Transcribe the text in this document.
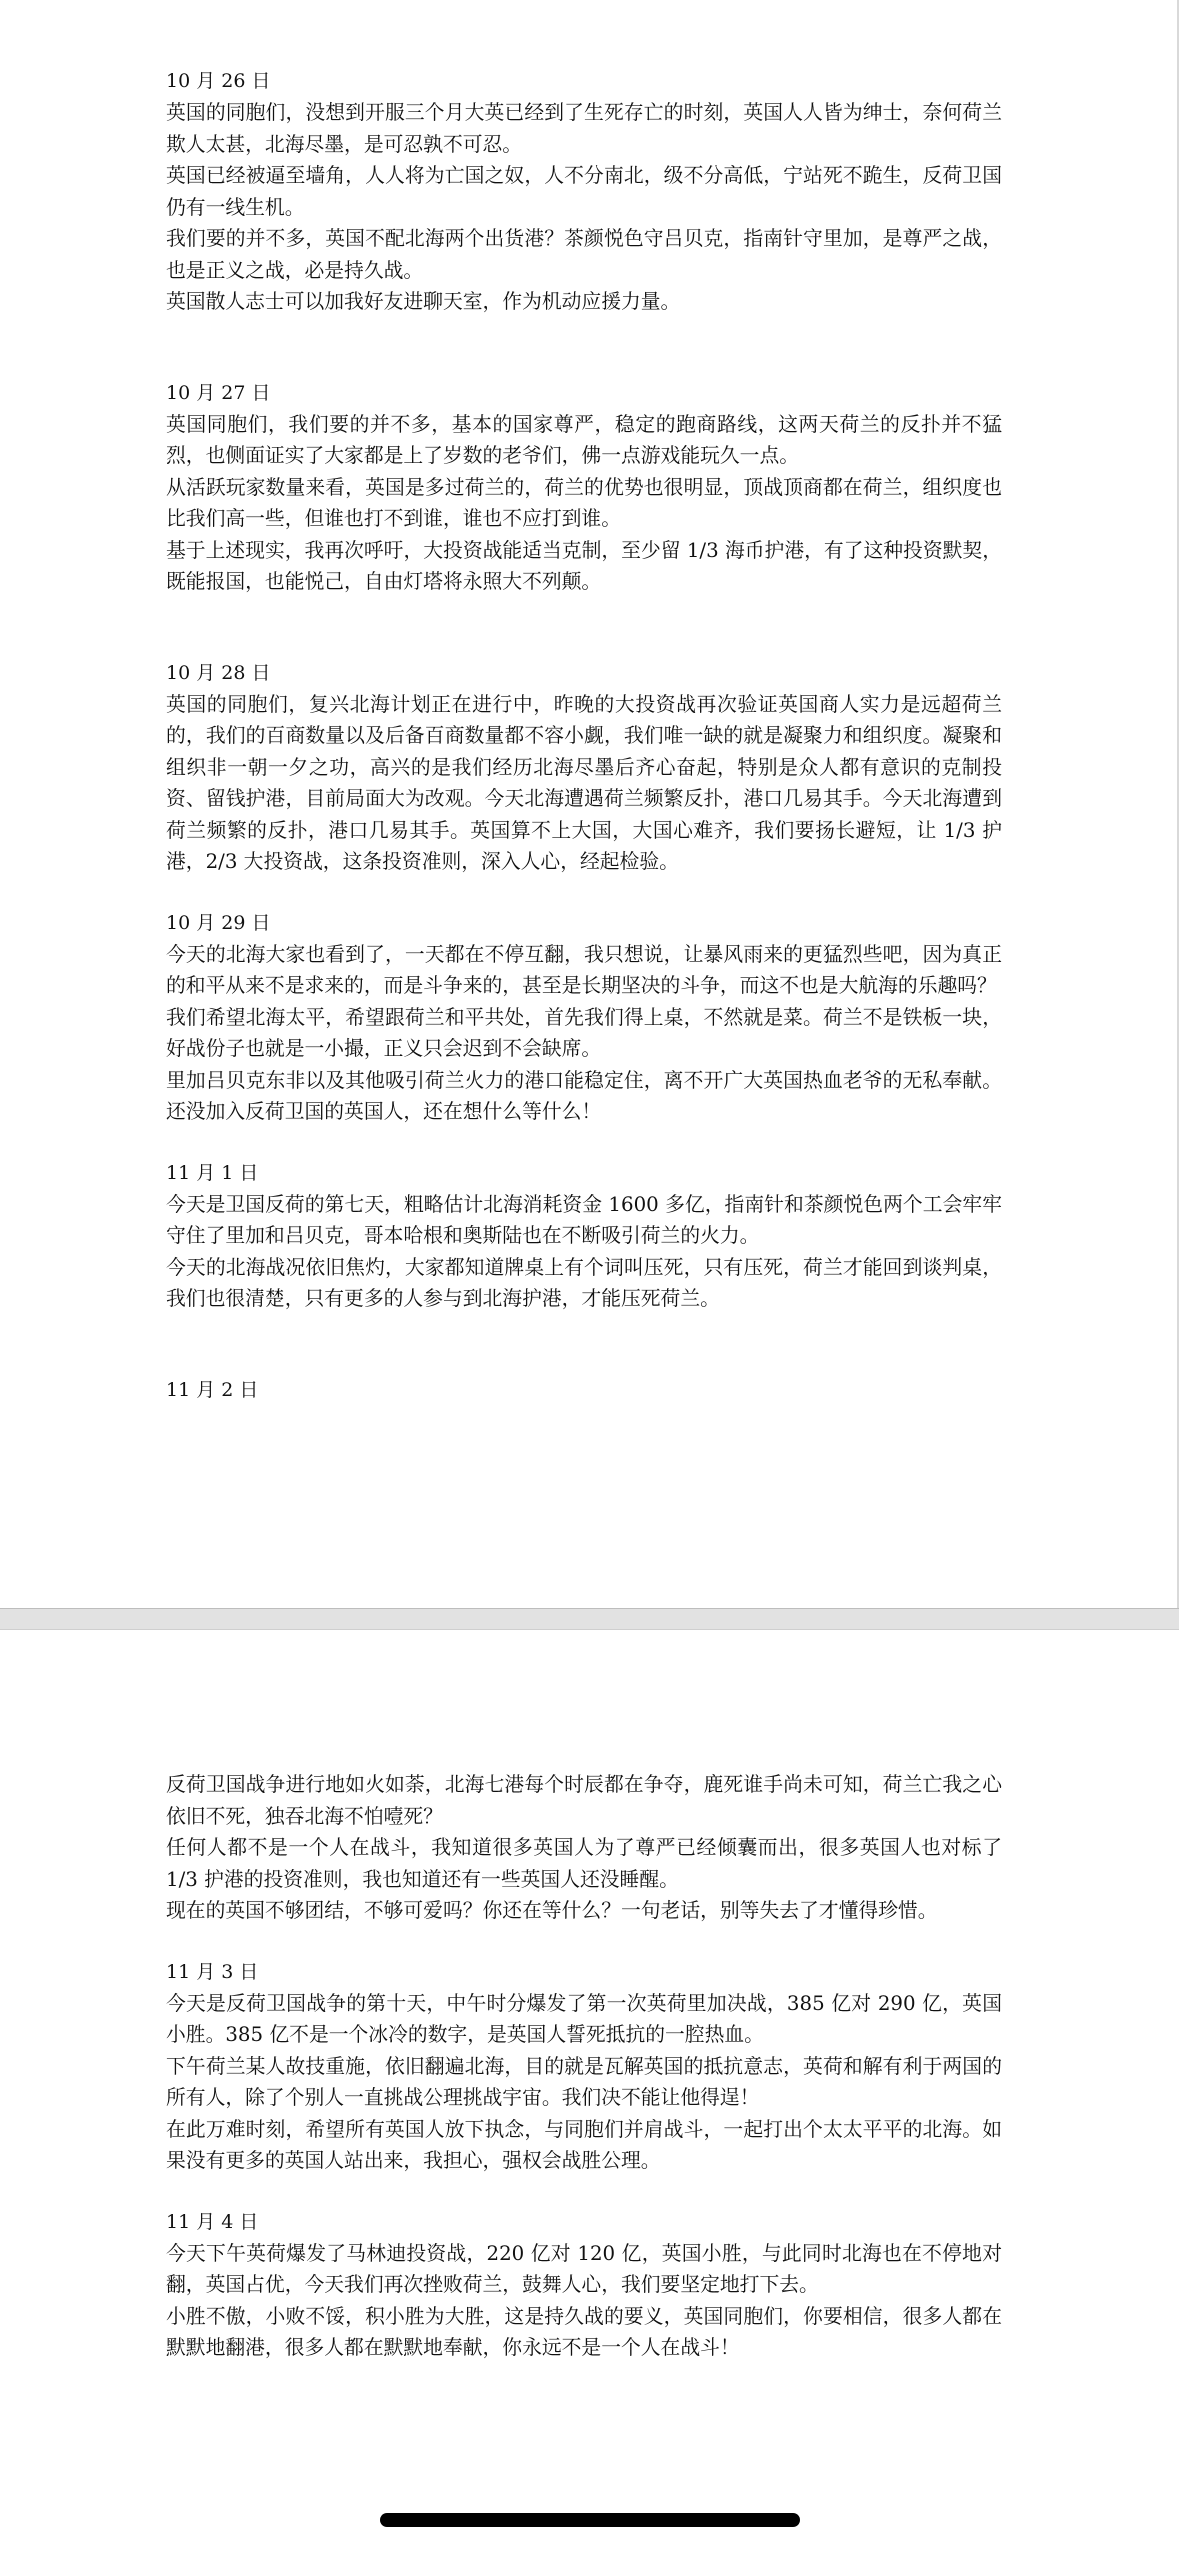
10 月 26 日

英国的同胞们，没想到开服三个月大英已经到了生死存亡的时刻，英国人人皆为绅士，奈何荷兰欺人太甚，北海尽墨，是可忍孰不可忍。

英国已经被逼至墙角，人人将为亡国之奴，人不分南北，级不分高低，宁站死不跪生，反荷卫国仍有一线生机。

我们要的并不多，英国不配北海两个出货港？茶颜悦色守吕贝克，指南针守里加，是尊严之战，也是正义之战，必是持久战。

英国散人志士可以加我好友进聊天室，作为机动应援力量。

10 月 27 日

英国同胞们，我们要的并不多，基本的国家尊严，稳定的跑商路线，这两天荷兰的反扑并不猛烈，也侧面证实了大家都是上了岁数的老爷们，佛一点游戏能玩久一点。

从活跃玩家数量来看，英国是多过荷兰的，荷兰的优势也很明显，顶战顶商都在荷兰，组织度也比我们高一些，但谁也打不到谁，谁也不应打到谁。

基于上述现实，我再次呼吁，大投资战能适当克制，至少留 1/3 海币护港，有了这种投资默契，既能报国，也能悦己，自由灯塔将永照大不列颠。

10 月 28 日

英国的同胞们，复兴北海计划正在进行中，昨晚的大投资战再次验证英国商人实力是远超荷兰的，我们的百商数量以及后备百商数量都不容小觑，我们唯一缺的就是凝聚力和组织度。凝聚和组织非一朝一夕之功，高兴的是我们经历北海尽墨后齐心奋起，特别是众人都有意识的克制投资、留钱护港，目前局面大为改观。今天北海遭遇荷兰频繁反扑，港口几易其手。今天北海遭到荷兰频繁的反扑，港口几易其手。英国算不上大国，大国心难齐，我们要扬长避短，让 1/3 护港，2/3 大投资战，这条投资准则，深入人心，经起检验。

10 月 29 日

今天的北海大家也看到了，一天都在不停互翻，我只想说，让暴风雨来的更猛烈些吧，因为真正的和平从来不是求来的，而是斗争来的，甚至是长期坚决的斗争，而这不也是大航海的乐趣吗？

我们希望北海太平，希望跟荷兰和平共处，首先我们得上桌，不然就是菜。荷兰不是铁板一块，好战份子也就是一小撮，正义只会迟到不会缺席。

里加吕贝克东非以及其他吸引荷兰火力的港口能稳定住，离不开广大英国热血老爷的无私奉献。还没加入反荷卫国的英国人，还在想什么等什么！

11 月 1 日

今天是卫国反荷的第七天，粗略估计北海消耗资金 1600 多亿，指南针和茶颜悦色两个工会牢牢守住了里加和吕贝克，哥本哈根和奥斯陆也在不断吸引荷兰的火力。

今天的北海战况依旧焦灼，大家都知道牌桌上有个词叫压死，只有压死，荷兰才能回到谈判桌，我们也很清楚，只有更多的人参与到北海护港，才能压死荷兰。

11 月 2 日

反荷卫国战争进行地如火如荼，北海七港每个时辰都在争夺，鹿死谁手尚未可知，荷兰亡我之心依旧不死，独吞北海不怕噎死？

任何人都不是一个人在战斗，我知道很多英国人为了尊严已经倾囊而出，很多英国人也对标了 1/3 护港的投资准则，我也知道还有一些英国人还没睡醒。

现在的英国不够团结，不够可爱吗？你还在等什么？一句老话，别等失去了才懂得珍惜。

11 月 3 日

今天是反荷卫国战争的第十天，中午时分爆发了第一次英荷里加决战，385 亿对 290 亿，英国小胜。385 亿不是一个冰冷的数字，是英国人誓死抵抗的一腔热血。

下午荷兰某人故技重施，依旧翻遍北海，目的就是瓦解英国的抵抗意志，英荷和解有利于两国的所有人，除了个别人一直挑战公理挑战宇宙。我们决不能让他得逞！

在此万难时刻，希望所有英国人放下执念，与同胞们并肩战斗，一起打出个太太平平的北海。如果没有更多的英国人站出来，我担心，强权会战胜公理。

11 月 4 日

今天下午英荷爆发了马林迪投资战，220 亿对 120 亿，英国小胜，与此同时北海也在不停地对翻，英国占优，今天我们再次挫败荷兰，鼓舞人心，我们要坚定地打下去。

小胜不傲，小败不馁，积小胜为大胜，这是持久战的要义，英国同胞们，你要相信，很多人都在默默地翻港，很多人都在默默地奉献，你永远不是一个人在战斗！
